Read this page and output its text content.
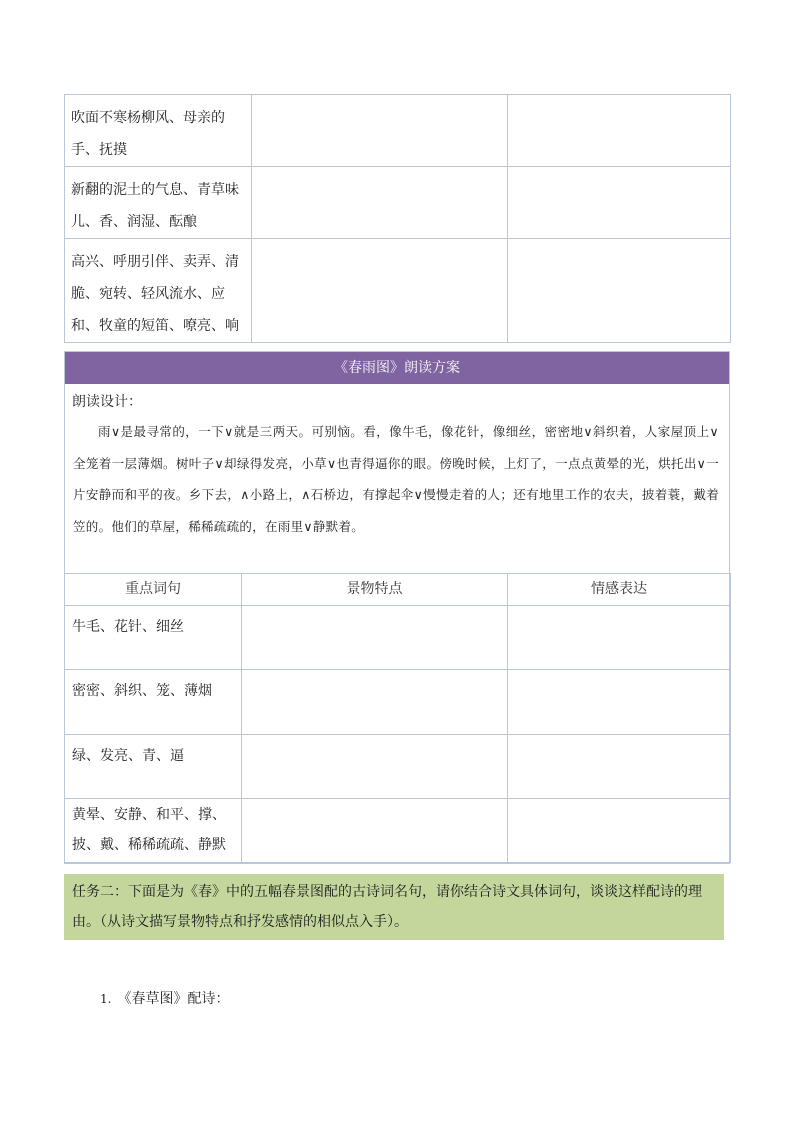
吹面不寒杨柳风、母亲的手、抚摸		
新翻的泥土的气息、青草味儿、香、润湿、酝酿		
高兴、呼朋引伴、卖弄、清脆、宛转、轻风流水、应和、牧童的短笛、嘹亮、响		
《春雨图》朗读方案
朗读设计：
雨∨是最寻常的，一下∨就是三两天。可别恼。看，像牛毛，像花针，像细丝，密密地∨斜织着，人家屋顶上∨全笼着一层薄烟。树叶子∨却绿得发亮，小草∨也青得逼你的眼。傍晚时候，上灯了，一点点黄晕的光，烘托出∨一片安静而和平的夜。乡下去，∧小路上，∧石桥边，有撑起伞∨慢慢走着的人；还有地里工作的农夫，披着蓑，戴着笠的。他们的草屋，稀稀疏疏的，在雨里∨静默着。
重点词句	景物特点	情感表达
牛毛、花针、细丝		
密密、斜织、笼、薄烟		
绿、发亮、青、逼		
黄晕、安静、和平、撑、披、戴、稀稀疏疏、静默		
任务二：下面是为《春》中的五幅春景图配的古诗词名句，请你结合诗文具体词句，谈谈这样配诗的理由。（从诗文描写景物特点和抒发感情的相似点入手）。
1. 《春草图》配诗：
